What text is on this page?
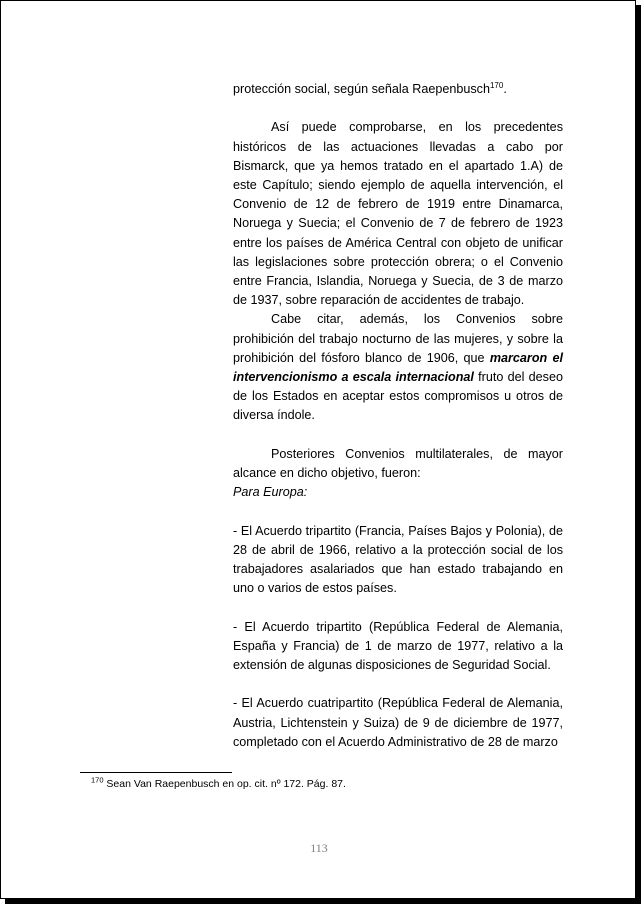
protección social, según señala Raepenbusch$^{170}$.

Así puede comprobarse, en los precedentes históricos de las actuaciones llevadas a cabo por Bismarck, que ya hemos tratado en el apartado 1.A) de este Capítulo; siendo ejemplo de aquella intervención, el Convenio de 12 de febrero de 1919 entre Dinamarca, Noruega y Suecia; el Convenio de 7 de febrero de 1923 entre los países de América Central con objeto de unificar las legislaciones sobre protección obrera; o el Convenio entre Francia, Islandia, Noruega y Suecia, de 3 de marzo de 1937, sobre reparación de accidentes de trabajo.

Cabe citar, además, los Convenios sobre prohibición del trabajo nocturno de las mujeres, y sobre la prohibición del fósforo blanco de 1906, que marcaron el intervencionismo a escala internacional fruto del deseo de los Estados en aceptar estos compromisos u otros de diversa índole.

Posteriores Convenios multilaterales, de mayor alcance en dicho objetivo, fueron:

Para Europa:

- El Acuerdo tripartito (Francia, Países Bajos y Polonia), de 28 de abril de 1966, relativo a la protección social de los trabajadores asalariados que han estado trabajando en uno o varios de estos países.

- El Acuerdo tripartito (República Federal de Alemania, España y Francia) de 1 de marzo de 1977, relativo a la extensión de algunas disposiciones de Seguridad Social.

- El Acuerdo cuatripartito (República Federal de Alemania, Austria, Lichtenstein y Suiza) de 9 de diciembre de 1977, completado con el Acuerdo Administrativo de 28 de marzo

$^{170}$ Sean Van Raepenbusch en op. cit. nº 172. Pág. 87.
113
